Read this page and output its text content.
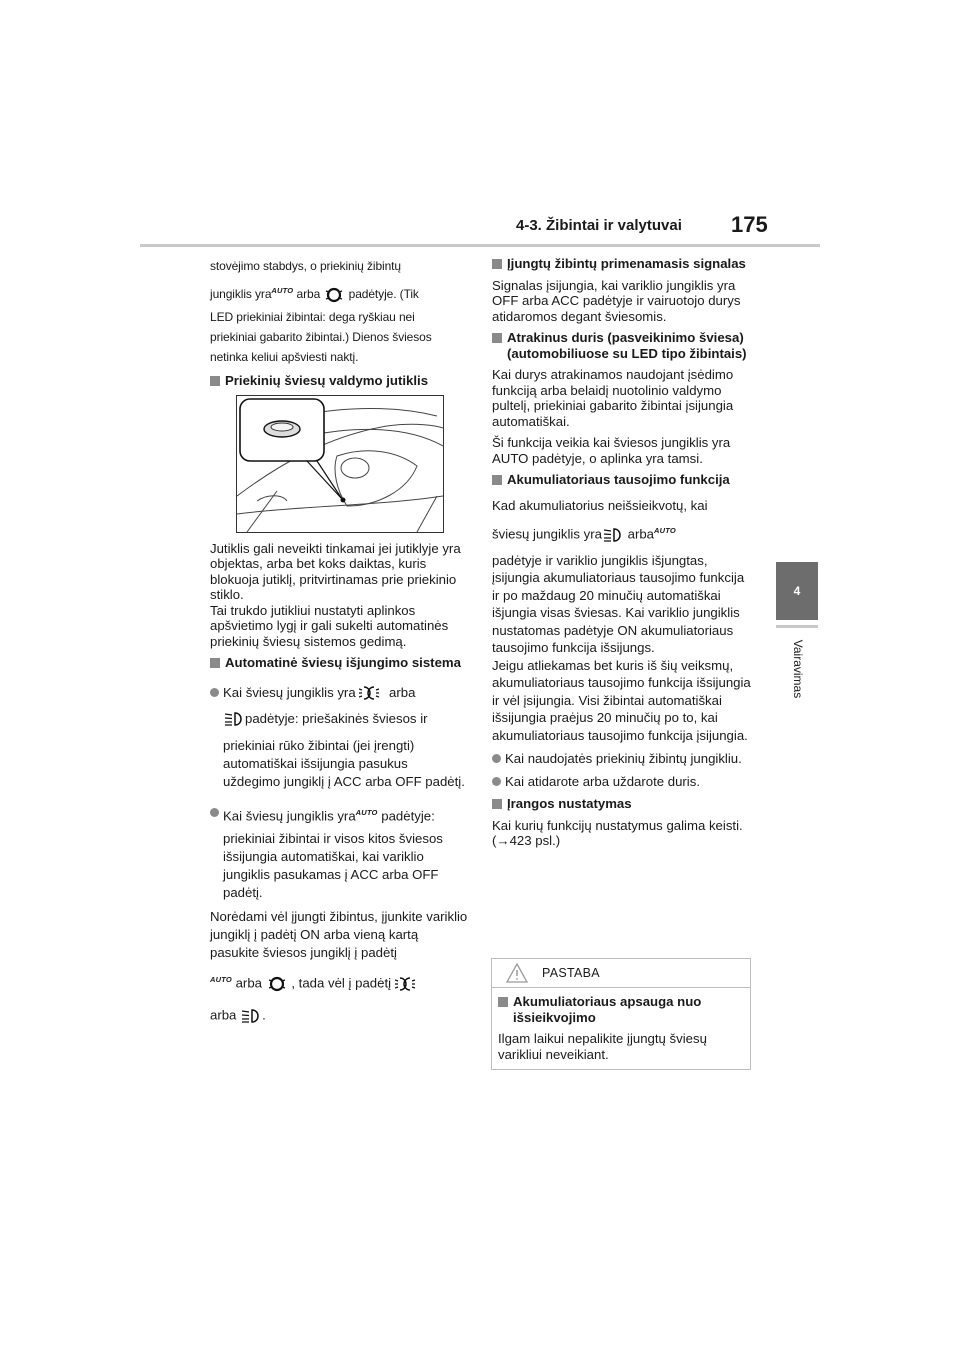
4-3. Žibintai ir valytuvai 175
4
Vairavimas

stovėjimo stabdys, o priekinių žibintų

jungiklis yra$^{AUTO}$ arba padėtyje. (Tik

LED priekiniai žibintai: dega ryškiau nei

priekiniai gabarito žibintai.) Dienos šviesos

netinka keliui apšviesti naktį.

Priekinių šviesų valdymo jutiklis

Jutiklis gali neveikti tinkamai jei jutiklyje yra objektas, arba bet koks daiktas, kuris blokuoja jutiklį, pritvirtinamas prie priekinio stiklo.

Tai trukdo jutikliui nustatyti aplinkos apšvietimo lygį ir gali sukelti automatinės priekinių šviesų sistemos gedimą.

Automatinė šviesų išjungimo sistema
Kai šviesų jungiklis yra	arba

padėtyje: priešakinės šviesos ir

priekiniai rūko žibintai (jei įrengti) automatiškai išsijungia pasukus uždegimo jungiklį į ACC arba OFF padėtį.

Kai šviesų jungiklis yra$^{AUTO}$ padėtyje:

priekiniai žibintai ir visos kitos šviesos išsijungia automatiškai, kai variklio jungiklis pasukamas į ACC arba OFF padėtį.

Norėdami vėl įjungti žibintus, įjunkite variklio jungiklį į padėtį ON arba vieną kartą pasukite šviesos jungiklį į padėtį

$^{AUTO}$ arba , tada vėl į padėtį

arba .

Įjungtų žibintų primenamasis signalas

Signalas įsijungia, kai variklio jungiklis yra OFF arba ACC padėtyje ir vairuotojo durys atidaromos degant šviesomis.

Atrakinus duris (pasveikinimo šviesa) (automobiliuose su LED tipo žibintais)

Kai durys atrakinamos naudojant įsėdimo funkciją arba belaidį nuotolinio valdymo pultelį, priekiniai gabarito žibintai įsijungia automatiškai.

Ši funkcija veikia kai šviesos jungiklis yra AUTO padėtyje, o aplinka yra tamsi.

Akumuliatoriaus tausojimo funkcija

Kad akumuliatorius neišsieikvotų, kai

šviesų jungiklis yra arba$^{AUTO}$

padėtyje ir variklio jungiklis išjungtas, įsijungia akumuliatoriaus tausojimo funkcija ir po maždaug 20 minučių automatiškai išjungia visas šviesas. Kai variklio jungiklis nustatomas padėtyje ON akumuliatoriaus tausojimo funkcija išsijungs.

Jeigu atliekamas bet kuris iš šių veiksmų, akumuliatoriaus tausojimo funkcija išsijungia ir vėl įsijungia. Visi žibintai automatiškai išsijungia praėjus 20 minučių po to, kai akumuliatoriaus tausojimo funkcija įsijungia.

Kai naudojatės priekinių žibintų jungikliu.
Kai atidarote arba uždarote duris.
Įrangos nustatymas

Kai kurių funkcijų nustatymus galima keisti. (→423 psl.)

PASTABA
Akumuliatoriaus apsauga nuo išsieikvojimo

Ilgam laikui nepalikite įjungtų šviesų varikliui neveikiant.
